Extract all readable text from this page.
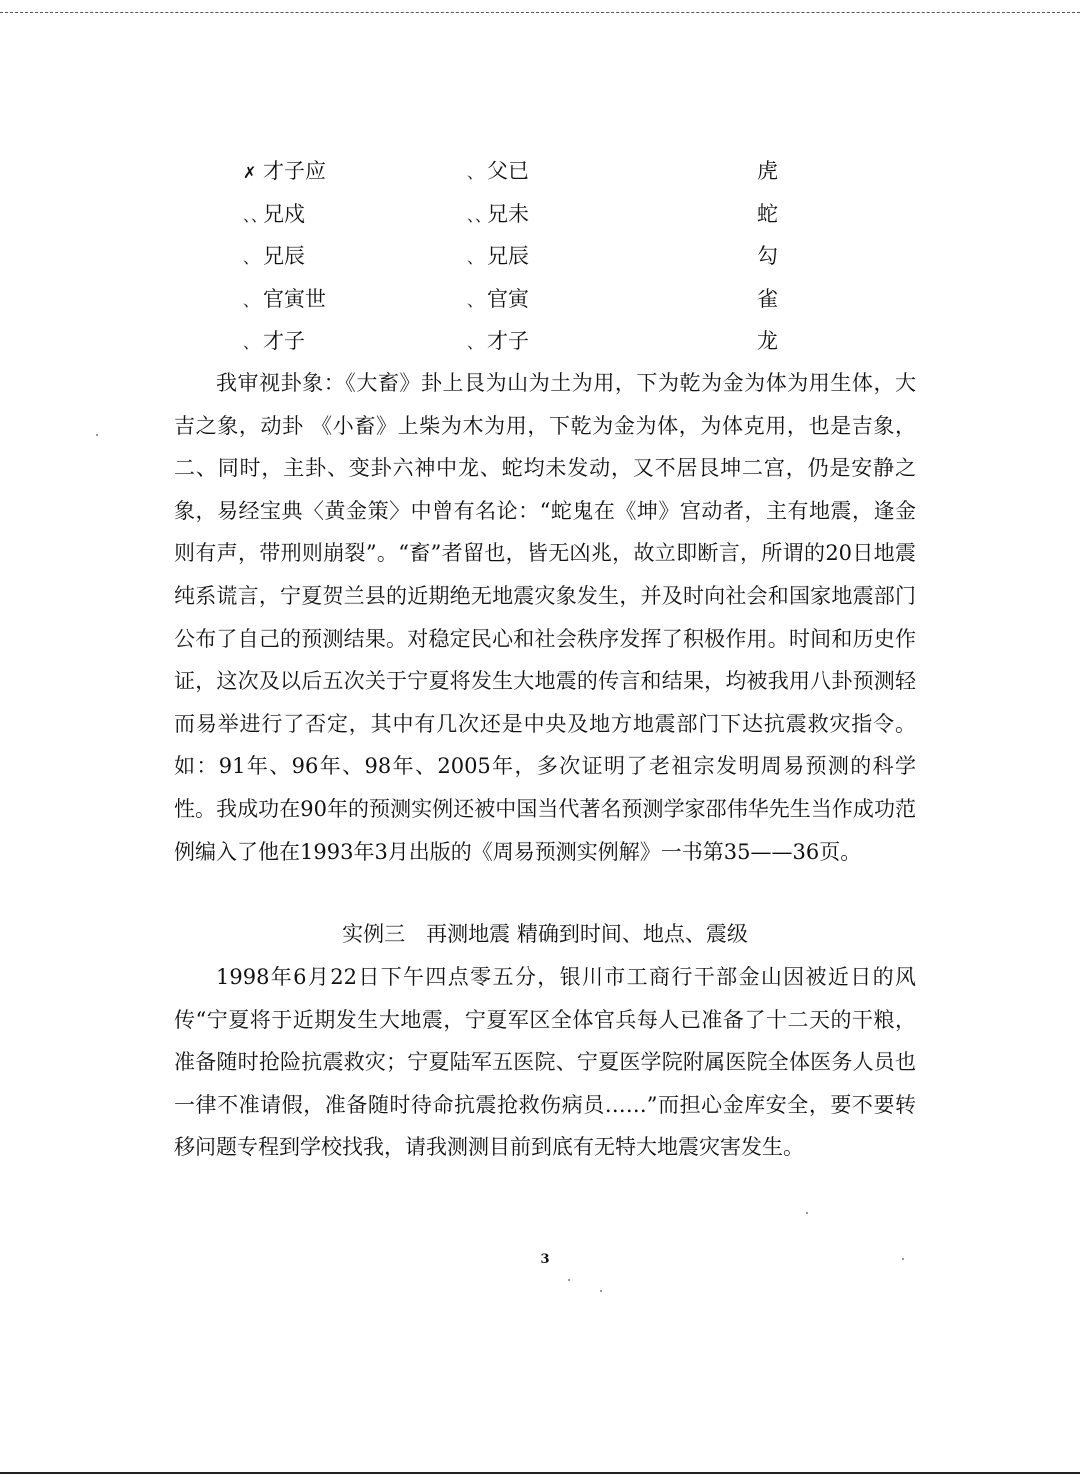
✗ 才子应	、 父已	虎
、、兄戍	、、兄未	蛇
、 兄辰	、 兄辰	勾
、 官寅世	、 官寅	雀
、 才子	、 才子	龙

我审视卦象：《大畜》卦上艮为山为土为用，下为乾为金为体为用生体，大吉之象，动卦 《小畜》上柴为木为用，下乾为金为体，为体克用，也是吉象，二、同时，主卦、变卦六神中龙、蛇均未发动，又不居艮坤二宫，仍是安静之象，易经宝典〈黄金策〉中曾有名论：“蛇鬼在《坤》宫动者，主有地震，逢金则有声，带刑则崩裂”。“畜”者留也，皆无凶兆，故立即断言，所谓的20日地震纯系谎言，宁夏贺兰县的近期绝无地震灾象发生，并及时向社会和国家地震部门公布了自己的预测结果。对稳定民心和社会秩序发挥了积极作用。时间和历史作证，这次及以后五次关于宁夏将发生大地震的传言和结果，均被我用八卦预测轻而易举进行了否定，其中有几次还是中央及地方地震部门下达抗震救灾指令。如：91年、96年、98年、2005年，多次证明了老祖宗发明周易预测的科学性。我成功在90年的预测实例还被中国当代著名预测学家邵伟华先生当作成功范例编入了他在1993年3月出版的《周易预测实例解》一书第35——36页。

实例三　再测地震 精确到时间、地点、震级

1998年6月22日下午四点零五分，银川市工商行干部金山因被近日的风传“宁夏将于近期发生大地震，宁夏军区全体官兵每人已准备了十二天的干粮，准备随时抢险抗震救灾；宁夏陆军五医院、宁夏医学院附属医院全体医务人员也一律不准请假，准备随时待命抗震抢救伤病员……”而担心金库安全，要不要转移问题专程到学校找我，请我测测目前到底有无特大地震灾害发生。

3
